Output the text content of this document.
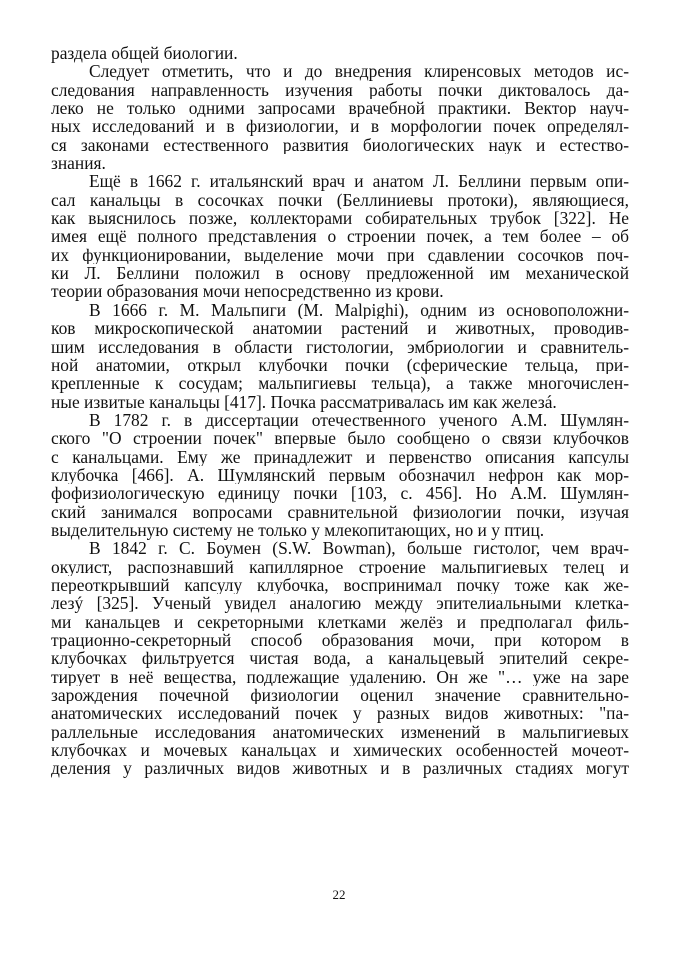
раздела общей биологии.
Следует отметить, что и до внедрения клиренсовых методов ис-
следования направленность изучения работы почки диктовалось да-
леко не только одними запросами врачебной практики. Вектор науч-
ных исследований и в физиологии, и в морфологии почек определял-
ся законами естественного развития биологических наук и естество-
знания.
Ещё в 1662 г. итальянский врач и анатом Л. Беллини первым опи-
сал канальцы в сосочках почки (Беллиниевы протоки), являющиеся,
как выяснилось позже, коллекторами собирательных трубок [322]. Не
имея ещё полного представления о строении почек, а тем более – об
их функционировании, выделение мочи при сдавлении сосочков поч-
ки Л. Беллини положил в основу предложенной им механической
теории образования мочи непосредственно из крови.
В 1666 г. М. Мальпиги (M. Malpighi), одним из основоположни-
ков микроскопической анатомии растений и животных, проводив-
шим исследования в области гистологии, эмбриологии и сравнитель-
ной анатомии, открыл клубочки почки (сферические тельца, при-
крепленные к сосудам; мальпигиевы тельца), а также многочислен-
ные извитые канальцы [417]. Почка рассматривалась им как железá.
В 1782 г. в диссертации отечественного ученого А.М. Шумлян-
ского "О строении почек" впервые было сообщено о связи клубочков
с канальцами. Ему же принадлежит и первенство описания капсулы
клубочка [466]. А. Шумлянский первым обозначил нефрон как мор-
фофизиологическую единицу почки [103, с. 456]. Но А.М. Шумлян-
ский занимался вопросами сравнительной физиологии почки, изучая
выделительную систему не только у млекопитающих, но и у птиц.
В 1842 г. С. Боумен (S.W. Bowman), больше гистолог, чем врач-
окулист, распознавший капиллярное строение мальпигиевых телец и
переоткрывший капсулу клубочка, воспринимал почку тоже как же-
лезý [325]. Ученый увидел аналогию между эпителиальными клетка-
ми канальцев и секреторными клетками желёз и предполагал филь-
трационно-секреторный способ образования мочи, при котором в
клубочках фильтруется чистая вода, а канальцевый эпителий секре-
тирует в неё вещества, подлежащие удалению. Он же "… уже на заре
зарождения почечной физиологии оценил значение сравнительно-
анатомических исследований почек у разных видов животных: "па-
раллельные исследования анатомических изменений в мальпигиевых
клубочках и мочевых канальцах и химических особенностей мочеот-
деления у различных видов животных и в различных стадиях могут
22
